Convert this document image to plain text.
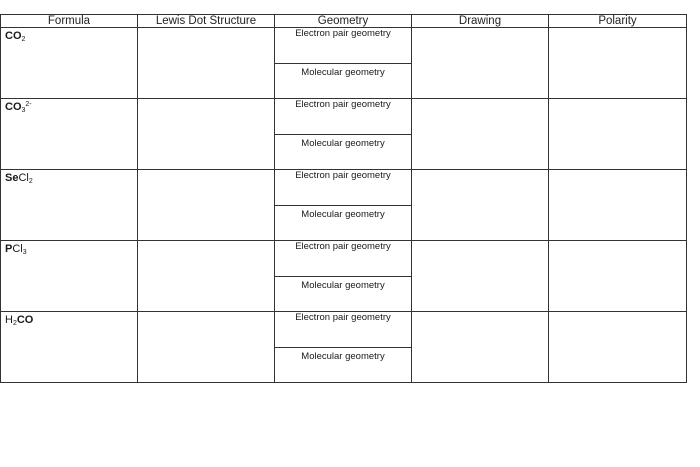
Formula	Lewis Dot Structure	Geometry	Drawing	Polarity

$CO_2$		Electron pair geometry
Molecular geometry		

$CO_3^{2-}$		Electron pair geometry
Molecular geometry		

SeCl$_2$		Electron pair geometry
Molecular geometry		

PCl$_3$		Electron pair geometry
Molecular geometry		

$H_2CO$		Electron pair geometry
Molecular geometry		
